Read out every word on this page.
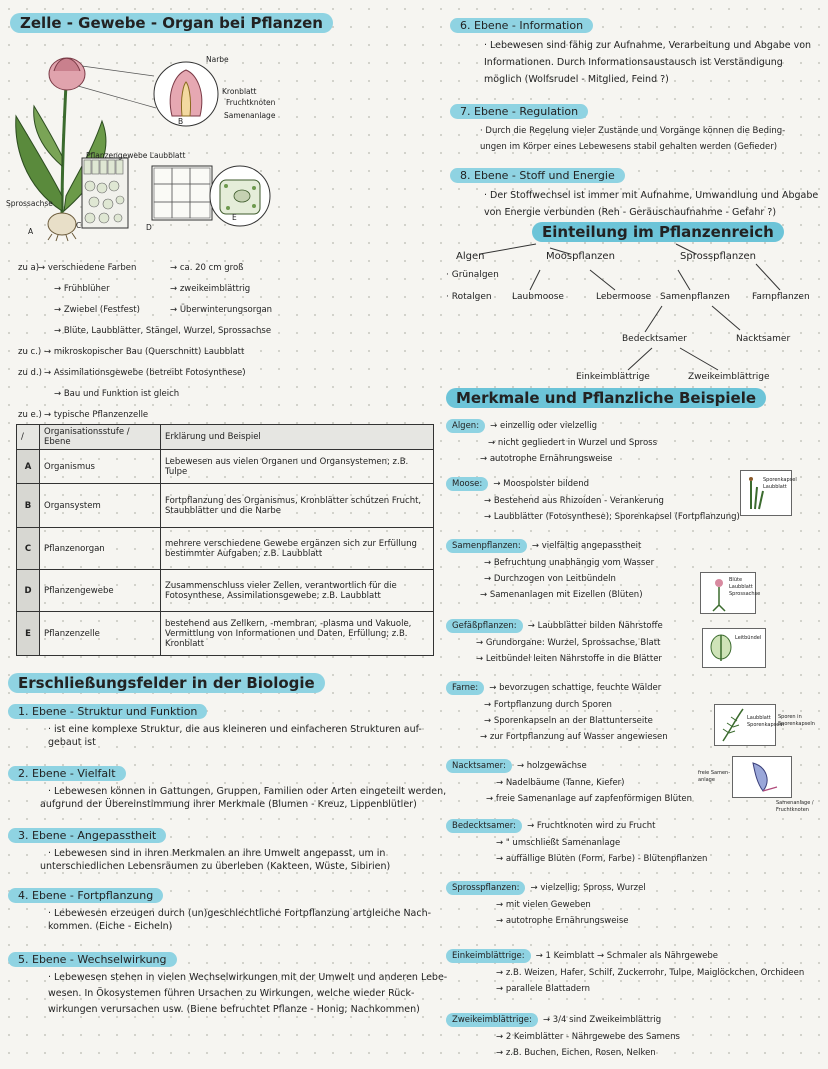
Zelle - Gewebe - Organ bei Pflanzen
Narbe
Kronblatt
Fruchtknoten
Samenanlage
Sprossachse
Pflanzengewebe Laubblatt
A
B
C	D
E
zu a)
→ verschiedene Farben	→ ca. 20 cm groß
→ Frühblüher	→ zweikeimblättrig
→ Zwiebel (Festfest)	→ Überwinterungsorgan
→ Blüte, Laubblätter, Stängel, Wurzel, Sprossachse
zu c.) → mikroskopischer Bau (Querschnitt) Laubblatt
zu d.) → Assimilationsgewebe (betreibt Fotosynthese)
→ Bau und Funktion ist gleich
zu e.) → typische Pflanzenzelle
/	Organisationsstufe / Ebene	Erklärung und Beispiel
A	Organismus	Lebewesen aus vielen Organen und Organsystemen; z.B. Tulpe
B	Organsystem	Fortpflanzung des Organismus, Kronblätter schützen Frucht, Staubblätter und die Narbe
C	Pflanzenorgan	mehrere verschiedene Gewebe ergänzen sich zur Erfüllung bestimmter Aufgaben; z.B. Laubblatt
D	Pflanzengewebe	Zusammenschluss vieler Zellen, verantwortlich für die Fotosynthese, Assimilationsgewebe; z.B. Laubblatt
E	Pflanzenzelle	bestehend aus Zellkern, -membran, -plasma und Vakuole, Vermittlung von Informationen und Daten, Erfüllung; z.B. Kronblatt
Erschließungsfelder in der Biologie
1. Ebene - Struktur und Funktion
· ist eine komplexe Struktur, die aus kleineren und einfacheren Strukturen auf-
gebaut ist
2. Ebene - Vielfalt
· Lebewesen können in Gattungen, Gruppen, Familien oder Arten eingeteilt werden,
aufgrund der Übereinstimmung ihrer Merkmale (Blumen - Kreuz, Lippenblütler)
3. Ebene - Angepasstheit
· Lebewesen sind in ihren Merkmalen an ihre Umwelt angepasst, um in
unterschiedlichen Lebensräumen zu überleben (Kakteen, Wüste, Sibirien)
4. Ebene - Fortpflanzung
· Lebewesen erzeugen durch (un)geschlechtliche Fortpflanzung artgleiche Nach-
kommen. (Eiche - Eicheln)
5. Ebene - Wechselwirkung
· Lebewesen stehen in vielen Wechselwirkungen mit der Umwelt und anderen Lebe-
wesen. In Ökosystemen führen Ursachen zu Wirkungen, welche wieder Rück-
wirkungen verursachen usw. (Biene befruchtet Pflanze - Honig; Nachkommen)
6. Ebene - Information
· Lebewesen sind fähig zur Aufnahme, Verarbeitung und Abgabe von
Informationen. Durch Informationsaustausch ist Verständigung
möglich (Wolfsrudel - Mitglied, Feind ?)
7. Ebene - Regulation
· Durch die Regelung vieler Zustände und Vorgänge können die Beding-
ungen im Körper eines Lebewesens stabil gehalten werden (Gefieder)
8. Ebene - Stoff und Energie
· Der Stoffwechsel ist immer mit Aufnahme, Umwandlung und Abgabe
von Energie verbunden (Reh - Geräuschaufnahme - Gefahr ?)
Einteilung im Pflanzenreich
Algen
· Grünalgen
· Rotalgen
Moospflanzen
Laubmoose	Lebermoose
Sprosspflanzen
Samenpflanzen Farnpflanzen
Bedecktsamer	Nacktsamer
Einkeimblättrige	Zweikeimblättrige
Merkmale und Pflanzliche Beispiele
Algen: → einzellig oder vielzellig
→ nicht gegliedert in Wurzel und Spross
→ autotrophe Ernährungsweise
Moose: → Moospolster bildend
→ Bestehend aus Rhizoiden - Verankerung
→ Laubblätter (Fotosynthese); Sporenkapsel (Fortpflanzung)
Samenpflanzen: → vielfältig angepasstheit
→ Befruchtung unabhängig vom Wasser
→ Durchzogen von Leitbündeln
→ Samenanlagen mit Eizellen (Blüten)
Gefäßpflanzen: → Laubblätter bilden Nährstoffe
→ Grundorgane: Wurzel, Sprossachse, Blatt
→ Leitbündel leiten Nährstoffe in die Blätter
Farne: → bevorzugen schattige, feuchte Wälder
→ Fortpflanzung durch Sporen
→ Sporenkapseln an der Blattunterseite
→ zur Fortpflanzung auf Wasser angewiesen
Nacktsamer: → holzgewächse
→ Nadelbäume (Tanne, Kiefer)
→ freie Samenanlage auf zapfenförmigen Blüten
Bedecktsamer: → Fruchtknoten wird zu Frucht
→ " umschließt Samenanlage
→ auffällige Blüten (Form, Farbe) - Blütenpflanzen
Sprosspflanzen: → vielzellig; Spross, Wurzel
→ mit vielen Geweben
→ autotrophe Ernährungsweise
Einkeimblättrige: → 1 Keimblatt → Schmaler als Nährgewebe
→ z.B. Weizen, Hafer, Schilf, Zuckerrohr, Tulpe, Maiglöckchen, Orchideen
→ parallele Blattadern
Zweikeimblättrige: → 3/4 sind Zweikeimblättrig
→ 2 Keimblätter - Nährgewebe des Samens
→ z.B. Buchen, Eichen, Rosen, Nelken
Sporenkapsel Laubblatt
Blüte Laubblatt Sprossachse
Leitbündel
Laubblatt Sporenkapseln
Sporen in Sporenkapseln
freie Samen-anlage
Samenanlage / Fruchtknoten
